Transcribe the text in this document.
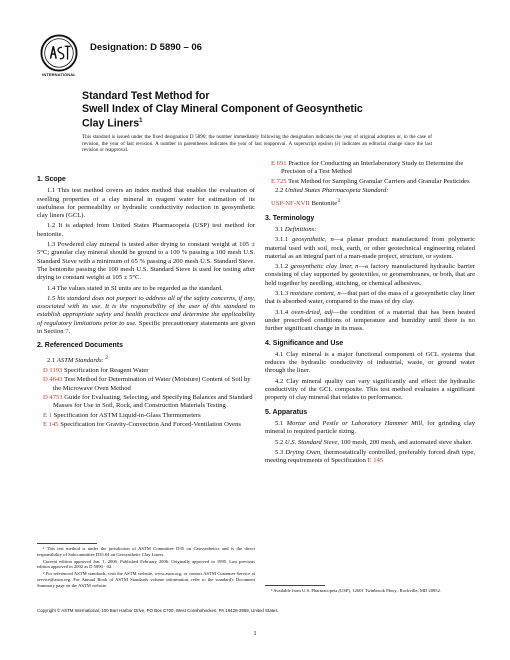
INTERNATIONAL
Designation: D 5890 – 06
Standard Test Method for
Swell Index of Clay Mineral Component of Geosynthetic
Clay Liners$^1$
This standard is issued under the fixed designation D 5890; the number immediately following the designation indicates the year of original adoption or, in the case of revision, the year of last revision. A number in parentheses indicates the year of last reapproval. A superscript epsilon (ε) indicates an editorial change since the last revision or reapproval.
1. Scope
1.1 This test method covers an index method that enables the evaluation of swelling properties of a clay mineral in reagent water for estimation of its usefulness for permeability or hydraulic conductivity reduction in geosynthetic clay liners (GCL).
1.2 It is adapted from United States Pharmacopeia (USP) test method for bentonite.
1.3 Powdered clay mineral is tested after drying to constant weight at 105 ± 5°C; granular clay mineral should be ground to a 100 % passing a 100 mesh U.S. Standard Sieve with a minimum of 65 % passing a 200 mesh U.S. Standard Sieve. The bentonite passing the 100 mesh U.S. Standard Sieve is used for testing after drying to constant weight at 105 ± 5°C.
1.4 The values stated in SI units are to be regarded as the standard.
1.5 his standard does not purport to address all of the safety concerns, if any, associated with its use. It is the responsibility of the user of this standard to establish appropriate safety and health practices and determine the applicability of regulatory limitations prior to use. Specific precautionary statements are given in Section 7.
2. Referenced Documents
2.1 ASTM Standards: $^2$
D 1193 Specification for Reagent Water
D 4643 Test Method for Determination of Water (Moisture) Content of Soil by the Microwave Oven Method
D 4753 Guide for Evaluating, Selecting, and Specifying Balances and Standard Masses for Use in Soil, Rock, and Construction Materials Testing
E 1 Specification for ASTM Liquid-in-Glass Thermometers
E 145 Specification for Gravity-Convection And Forced-Ventilation Ovens
E 691 Practice for Conducting an Interlaboratory Study to Determine the Precision of a Test Method
E 725 Test Method for Sampling Granular Carriers and Granular Pesticides
2.2 United States Pharmacopeia Standard:
USP-NF-XVII Bentonite$^3$
3. Terminology
3.1 Definitions:
3.1.1 geosynthetic, n—a planar product manufactured from polymeric material used with soil, rock, earth, or other geotechnical engineering related material as an integral part of a man-made project, structure, or system.
3.1.2 geosynthetic clay liner, n—a factory manufactured hydraulic barrier consisting of clay supported by geotextiles, or geomembranes, or both, that are held together by needling, stitching, or chemical adhesives.
3.1.3 moisture content, n—that part of the mass of a geosynthetic clay liner that is absorbed water, compared to the mass of dry clay.
3.1.4 oven-dried, adj—the condition of a material that has been heated under prescribed conditions of temperature and humidity until there is no further significant change in its mass.
4. Significance and Use
4.1 Clay mineral is a major functional component of GCL systems that reduces the hydraulic conductivity of industrial, waste, or ground water through the liner.
4.2 Clay mineral quality can vary significantly and effect the hydraulic conductivity of the GCL composite. This test method evaluates a significant property of clay mineral that relates to performance.
5. Apparatus
5.1 Mortar and Pestle or Laboratory Hammer Mill, for grinding clay mineral to required particle sizing.
5.2 U.S. Standard Sieve, 100 mesh, 200 mesh, and automated sieve shaker.
5.3 Drying Oven, thermostatically controlled, preferably forced draft type, meeting requirements of Specification E 145
¹ This test method is under the jurisdiction of ASTM Committee D35 on Geosynthetics and is the direct responsibility of Subcommittee D35.04 on Geosynthetic Clay Liners.
Current edition approved Jan. 1, 2006. Published February 2006. Originally approved in 1995. Last previous edition approved in 2002 as D 5890 - 02.
² For referenced ASTM standards, visit the ASTM website, www.astm.org, or contact ASTM Customer Service at service@astm.org. For Annual Book of ASTM Standards volume information, refer to the standard's Document Summary page on the ASTM website.
³ Available from U.S. Pharmacopeia (USP), 12601 Twinbrook Pkwy., Rockville, MD 20852.
Copyright © ASTM International, 100 Barr Harbor Drive, PO Box C700, West Conshohocken, PA 19428-2959, United States.
1
